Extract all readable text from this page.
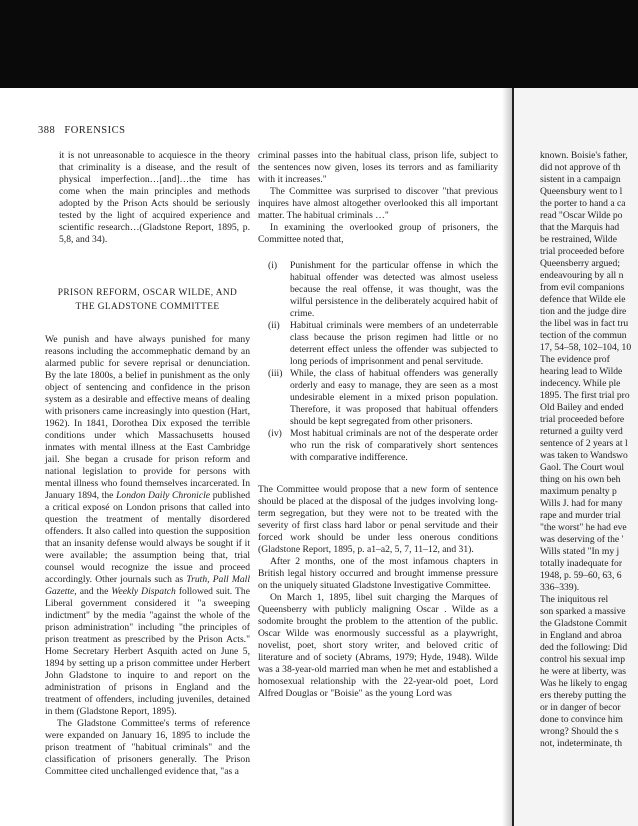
388 FORENSICS

it is not unreasonable to acquiesce in the theory that criminality is a disease, and the result of physical imperfection…[and]…the time has come when the main principles and methods adopted by the Prison Acts should be seriously tested by the light of acquired experience and scientific research…(Gladstone Report, 1895, p. 5,8, and 34).

PRISON REFORM, OSCAR WILDE, AND
THE GLADSTONE COMMITTEE

We punish and have always punished for many reasons including the accommephatic demand by an alarmed public for severe reprisal or denunciation. By the late 1800s, a belief in punishment as the only object of sentencing and confidence in the prison system as a desirable and effective means of dealing with prisoners came increasingly into question (Hart, 1962). In 1841, Dorothea Dix exposed the terrible conditions under which Massachusetts housed inmates with mental illness at the East Cambridge jail. She began a crusade for prison reform and national legislation to provide for persons with mental illness who found themselves incarcerated. In January 1894, the London Daily Chronicle published a critical exposé on London prisons that called into question the treatment of mentally disordered offenders. It also called into question the supposition that an insanity defense would always be sought if it were available; the assumption being that, trial counsel would recognize the issue and proceed accordingly. Other journals such as Truth, Pall Mall Gazette, and the Weekly Dispatch followed suit. The Liberal government considered it "a sweeping indictment" by the media "against the whole of the prison administration" including "the principles of prison treatment as prescribed by the Prison Acts." Home Secretary Herbert Asquith acted on June 5, 1894 by setting up a prison committee under Herbert John Gladstone to inquire to and report on the administration of prisons in England and the treatment of offenders, including juveniles, detained in them (Gladstone Report, 1895).

The Gladstone Committee's terms of reference were expanded on January 16, 1895 to include the prison treatment of "habitual criminals" and the classification of prisoners generally. The Prison Committee cited unchallenged evidence that, "as a

criminal passes into the habitual class, prison life, subject to the sentences now given, loses its terrors and as familiarity with it increases."

The Committee was surprised to discover "that previous inquires have almost altogether overlooked this all important matter. The habitual criminals …"

In examining the overlooked group of prisoners, the Committee noted that,

(i) Punishment for the particular offense in which the habitual offender was detected was almost useless because the real offense, it was thought, was the wilful persistence in the deliberately acquired habit of crime.
(ii) Habitual criminals were members of an undeterrable class because the prison regimen had little or no deterrent effect unless the offender was subjected to long periods of imprisonment and penal servitude.
(iii) While, the class of habitual offenders was generally orderly and easy to manage, they are seen as a most undesirable element in a mixed prison population. Therefore, it was proposed that habitual offenders should be kept segregated from other prisoners.
(iv) Most habitual criminals are not of the desperate order who run the risk of comparatively short sentences with comparative indifference.

The Committee would propose that a new form of sentence should be placed at the disposal of the judges involving long-term segregation, but they were not to be treated with the severity of first class hard labor or penal servitude and their forced work should be under less onerous conditions (Gladstone Report, 1895, p. a1–a2, 5, 7, 11–12, and 31).

After 2 months, one of the most infamous chapters in British legal history occurred and brought immense pressure on the uniquely situated Gladstone Investigative Committee.

On March 1, 1895, libel suit charging the Marques of Queensberry with publicly maligning Oscar . Wilde as a sodomite brought the problem to the attention of the public. Oscar Wilde was enormously successful as a playwright, novelist, poet, short story writer, and beloved critic of literature and of society (Abrams, 1979; Hyde, 1948). Wilde was a 38-year-old married man when he met and established a homosexual relationship with the 22-year-old poet, Lord Alfred Douglas or "Boisie" as the young Lord was

known. Boisie's father,

did not approve of th

sistent in a campaign

Queensbury went to l

the porter to hand a ca

read "Oscar Wilde po

that the Marquis had

be restrained, Wilde

trial proceeded before

Queensberry argued;

endeavouring by all n

from evil companions

defence that Wilde ele

tion and the judge dire

the libel was in fact tru

tection of the commun

17, 54–58, 102–104, 10

The evidence prof

hearing lead to Wilde

indecency. While ple

1895. The first trial pro

Old Bailey and ended

trial proceeded before

returned a guilty verd

sentence of 2 years at l

was taken to Wandswo

Gaol. The Court woul

thing on his own beh

maximum penalty p

Wills J. had for many

rape and murder trial

"the worst" he had eve

was deserving of the '

Wills stated "In my j

totally inadequate for

1948, p. 59–60, 63, 6

336–339).

The iniquitous rel

son sparked a massive

the Gladstone Commit

in England and abroa

ded the following: Did

control his sexual imp

he were at liberty, was

Was he likely to engag

ers thereby putting the

or in danger of becor

done to convince him

wrong? Should the s

not, indeterminate, th
